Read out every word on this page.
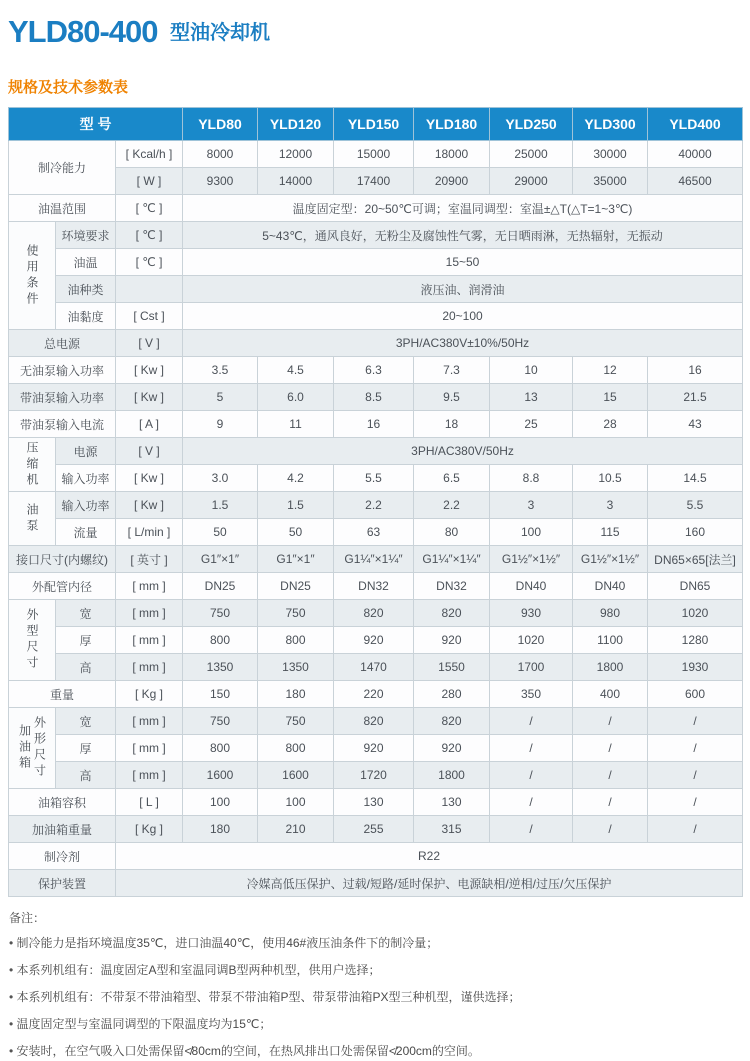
YLD80-400 型油冷却机
规格及技术参数表
型 号			YLD80	YLD120	YLD150	YLD180	YLD250	YLD300	YLD400
制冷能力		[ Kcal/h ]	8000	12000	15000	18000	25000	30000	40000
		[ W ]	9300	14000	17400	20900	29000	35000	46500
油温范围		[ ℃ ]	温度固定型：20~50℃可调；室温同调型：室温±△T(△T=1~3℃)						

使用条件	环境要求	[ ℃ ]	5~43℃，通风良好，无粉尘及腐蚀性气雾，无日晒雨淋，无热辐射，无振动						
	油温	[ ℃ ]	15~50						
	油种类		液压油、润滑油						
	油黏度	[ Cst ]	20~100						
总电源		[ V ]	3PH/AC380V±10%/50Hz						
无油泵输入功率		[ Kw ]	3.5	4.5	6.3	7.3	10	12	16
带油泵输入功率		[ Kw ]	5	6.0	8.5	9.5	13	15	21.5
带油泵输入电流		[ A ]	9	11	16	18	25	28	43

压缩机	电源	[ V ]	3PH/AC380V/50Hz						
	输入功率	[ Kw ]	3.0	4.2	5.5	6.5	8.8	10.5	14.5

油泵	输入功率	[ Kw ]	1.5	1.5	2.2	2.2	3	3	5.5
	流量	[ L/min ]	50	50	63	80	100	115	160
接口尺寸(内螺纹)		[ 英寸 ]	G1″×1″	G1″×1″	G1¼″×1¼″	G1¼″×1¼″	G1½″×1½″	G1½″×1½″	DN65×65[法兰]
外配管内径		[ mm ]	DN25	DN25	DN32	DN32	DN40	DN40	DN65

外型尺寸	宽	[ mm ]	750	750	820	820	930	980	1020
	厚	[ mm ]	800	800	920	920	1020	1100	1280
	高	[ mm ]	1350	1350	1470	1550	1700	1800	1930
重量		[ Kg ]	150	180	220	280	350	400	600

加油箱 外形尺寸	宽	[ mm ]	750	750	820	820	/	/	/
	厚	[ mm ]	800	800	920	920	/	/	/
	高	[ mm ]	1600	1600	1720	1800	/	/	/
油箱容积		[ L ]	100	100	130	130	/	/	/
加油箱重量		[ Kg ]	180	210	255	315	/	/	/
制冷剂		R22							
保护装置		冷媒高低压保护、过载/短路/延时保护、电源缺相/逆相/过压/欠压保护							
备注：
• 制冷能力是指环境温度35℃，进口油温40℃，使用46#液压油条件下的制冷量；
• 本系列机组有：温度固定A型和室温同调B型两种机型，供用户选择；
• 本系列机组有：不带泵不带油箱型、带泵不带油箱P型、带泵带油箱PX型三种机型，谨供选择；
• 温度固定型与室温同调型的下限温度均为15℃；
• 安装时，在空气吸入口处需保留≮80cm的空间，在热风排出口处需保留≮200cm的空间。
